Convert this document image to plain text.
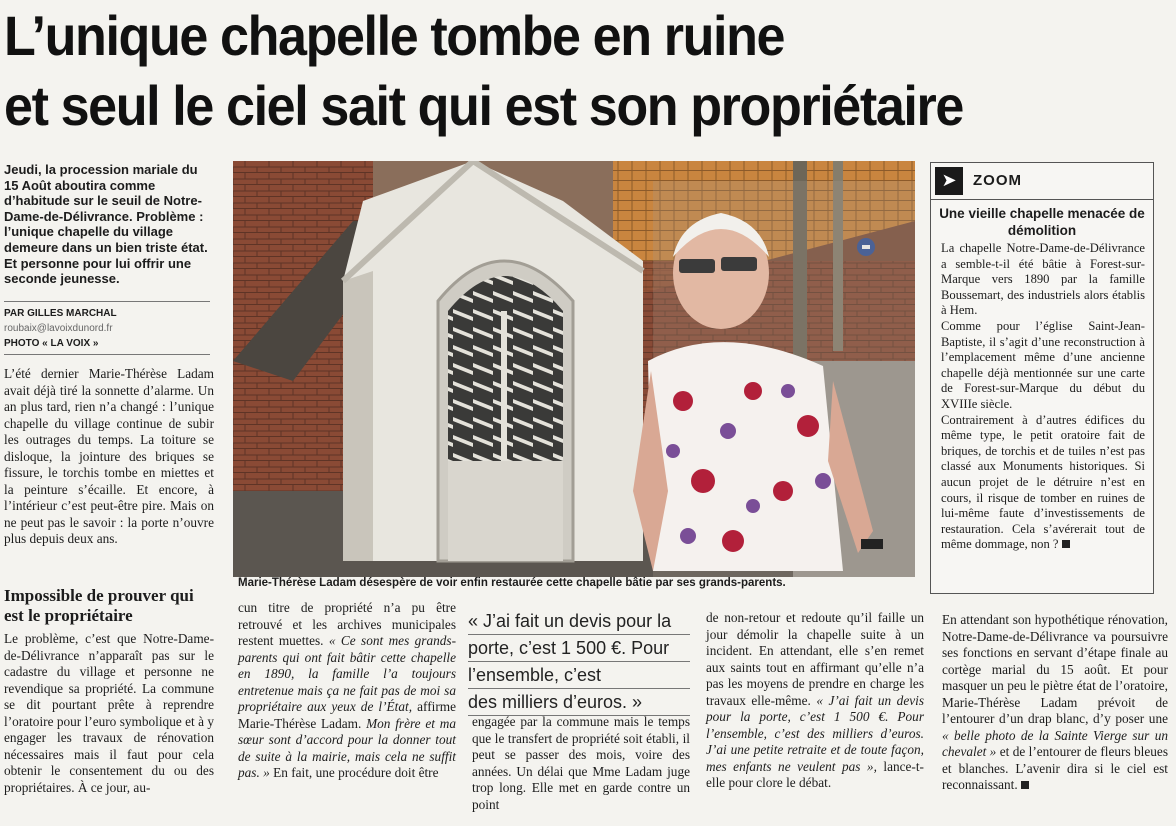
L’unique chapelle tombe en ruine
et seul le ciel sait qui est son propriétaire
Jeudi, la procession mariale du 15 Août aboutira comme d’habitude sur le seuil de Notre-Dame-de-Délivrance. Problème : l’unique chapelle du village demeure dans un bien triste état. Et personne pour lui offrir une seconde jeunesse.
PAR GILLES MARCHAL
roubaix@lavoixdunord.fr
PHOTO « LA VOIX »

L’été dernier Marie-Thérèse Ladam avait déjà tiré la sonnette d’alarme. Un an plus tard, rien n’a changé : l’unique chapelle du village continue de subir les outrages du temps. La toiture se disloque, la jointure des briques se fissure, le torchis tombe en miettes et la peinture s’écaille. Et encore, à l’intérieur c’est peut-être pire. Mais on ne peut pas le savoir : la porte n’ouvre plus depuis deux ans.

Impossible de prouver qui est le propriétaire

Le problème, c’est que Notre-Dame-de-Délivrance n’apparaît pas sur le cadastre du village et personne ne revendique sa propriété. La commune se dit pourtant prête à reprendre l’oratoire pour l’euro symbolique et à y engager les travaux de rénovation nécessaires mais il faut pour cela obtenir le consentement du ou des propriétaires. À ce jour, au-

Marie-Thérèse Ladam désespère de voir enfin restaurée cette chapelle bâtie par ses grands-parents.

cun titre de propriété n’a pu être retrouvé et les archives municipales restent muettes. « Ce sont mes grands-parents qui ont fait bâtir cette chapelle en 1890, la famille l’a toujours entretenue mais ça ne fait pas de moi sa propriétaire aux yeux de l’État, affirme Marie-Thérèse Ladam. Mon frère et ma sœur sont d’accord pour la donner tout de suite à la mairie, mais cela ne suffit pas. » En fait, une procédure doit être

« J’ai fait un devis pour la
porte, c’est 1 500 €. Pour
l’ensemble, c’est
des milliers d’euros. »

engagée par la commune mais le temps que le transfert de propriété soit établi, il peut se passer des mois, voire des années. Un délai que Mme Ladam juge trop long. Elle met en garde contre un point

de non-retour et redoute qu’il faille un jour démolir la chapelle suite à un incident. En attendant, elle s’en remet aux saints tout en affirmant qu’elle n’a pas les moyens de prendre en charge les travaux elle-même. « J’ai fait un devis pour la porte, c’est 1 500 €. Pour l’ensemble, c’est des milliers d’euros. J’ai une petite retraite et de toute façon, mes enfants ne veulent pas », lance-t-elle pour clore le débat.

En attendant son hypothétique rénovation, Notre-Dame-de-Délivrance va poursuivre ses fonctions en servant d’étape finale au cortège marial du 15 août. Et pour masquer un peu le piètre état de l’oratoire, Marie-Thérèse Ladam prévoit de l’entourer d’un drap blanc, d’y poser une « belle photo de la Sainte Vierge sur un chevalet » et de l’entourer de fleurs bleues et blanches. L’avenir dira si le ciel est reconnaissant.

➤	ZOOM
Une vieille chapelle menacée de démolition

La chapelle Notre-Dame-de-Délivrance a semble-t-il été bâtie à Forest-sur-Marque vers 1890 par la famille Boussemart, des industriels alors établis à Hem.

Comme pour l’église Saint-Jean-Baptiste, il s’agit d’une reconstruction à l’emplacement même d’une ancienne chapelle déjà mentionnée sur une carte de Forest-sur-Marque du début du XVIIIe siècle.

Contrairement à d’autres édifices du même type, le petit oratoire fait de briques, de torchis et de tuiles n’est pas classé aux Monuments historiques. Si aucun projet de le détruire n’est en cours, il risque de tomber en ruines de lui-même faute d’investissements de restauration. Cela s’avérerait tout de même dommage, non ?
